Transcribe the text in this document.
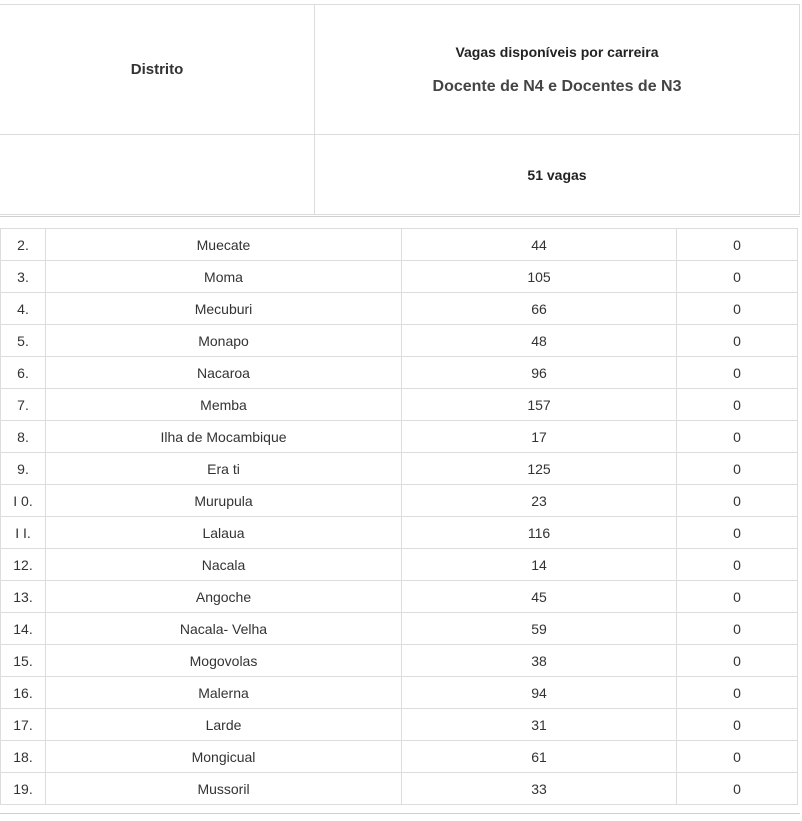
Distrito	Vagas disponíveis por carreira
Docente de N4 e Docentes de N3

	51 vagas
2.	Muecate	44	0
3.	Moma	105	0
4.	Mecuburi	66	0
5.	Monapo	48	0
6.	Nacaroa	96	0
7.	Memba	157	0
8.	Ilha de Mocambique	17	0
9.	Era ti	125	0
I 0.	Murupula	23	0
I I.	Lalaua	116	0
12.	Nacala	14	0
13.	Angoche	45	0
14.	Nacala- Velha	59	0
15.	Mogovolas	38	0
16.	Malerna	94	0
17.	Larde	31	0
18.	Mongicual	61	0
19.	Mussoril	33	0
